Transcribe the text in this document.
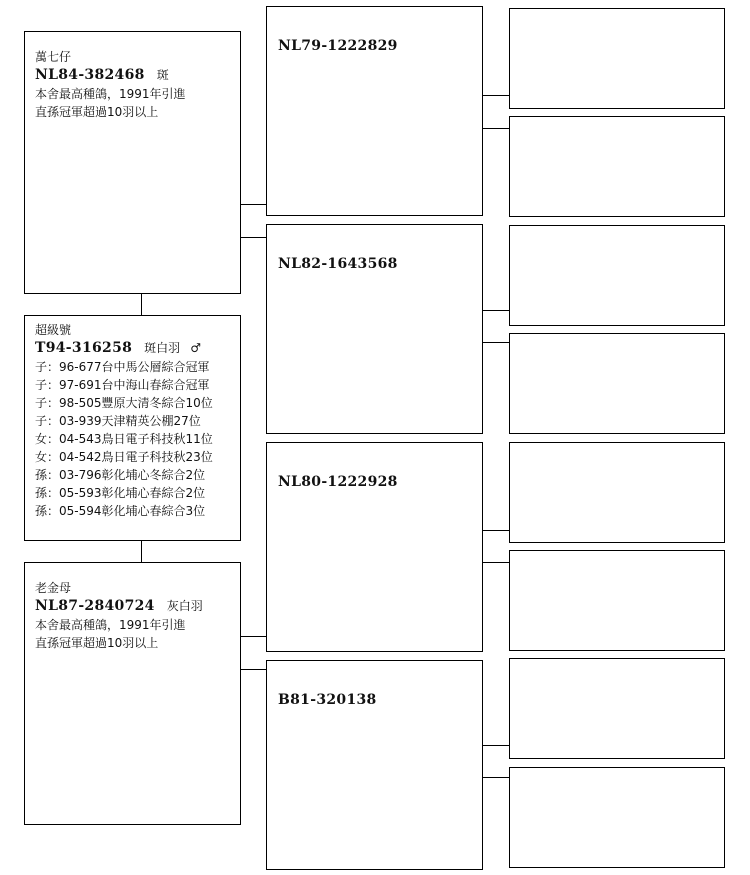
萬七仔
NL84-382468 斑
本舍最高種鴿，1991年引進
直孫冠軍超過10羽以上
超級號
T94-316258 斑白羽 ♂
子：96-677台中馬公層綜合冠軍
子：97-691台中海山春綜合冠軍
子：98-505豐原大清冬綜合10位
子：03-939天津精英公棚27位
女：04-543鳥日電子科技秋11位
女：04-542鳥日電子科技秋23位
孫：03-796彰化埔心冬綜合2位
孫：05-593彰化埔心春綜合2位
孫：05-594彰化埔心春綜合3位
老金母
NL87-2840724 灰白羽
本舍最高種鴿，1991年引進
直孫冠軍超過10羽以上
NL79-1222829
NL82-1643568
NL80-1222928
B81-320138
